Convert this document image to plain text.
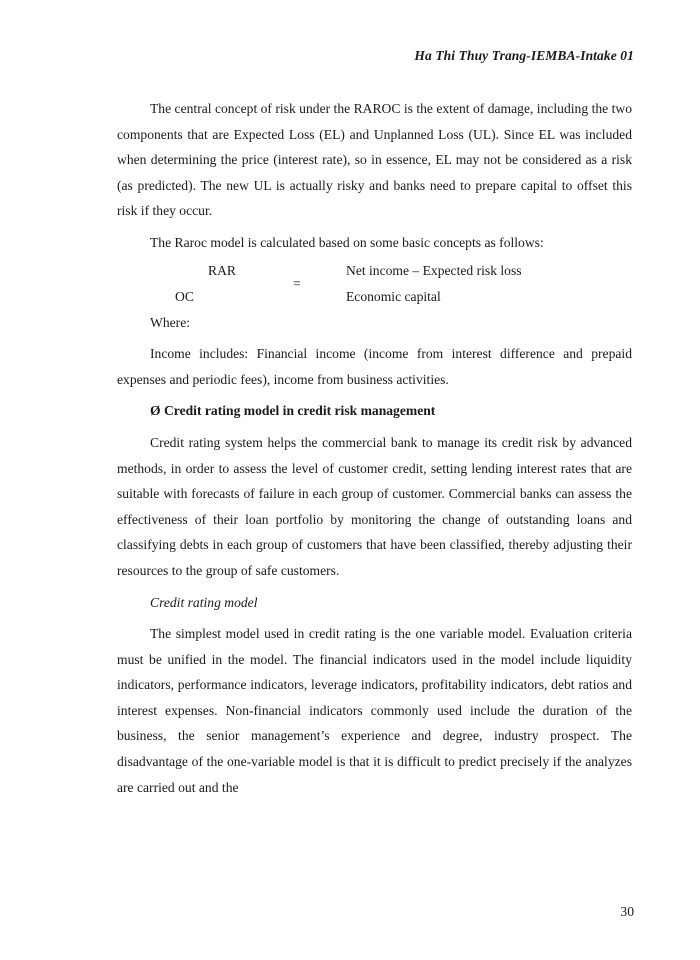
Ha Thi Thuy Trang-IEMBA-Intake 01

The central concept of risk under the RAROC is the extent of damage, including the two components that are Expected Loss (EL) and Unplanned Loss (UL). Since EL was included when determining the price (interest rate), so in essence, EL may not be considered as a risk (as predicted). The new UL is actually risky and banks need to prepare capital to offset this risk if they occur.

The Raroc model is calculated based on some basic concepts as follows:

RAR
OC
=
Net income – Expected risk loss
Economic capital

Where:

Income includes: Financial income (income from interest difference and prepaid expenses and periodic fees), income from business activities.

Ø Credit rating model in credit risk management

Credit rating system helps the commercial bank to manage its credit risk by advanced methods, in order to assess the level of customer credit, setting lending interest rates that are suitable with forecasts of failure in each group of customer. Commercial banks can assess the effectiveness of their loan portfolio by monitoring the change of outstanding loans and classifying debts in each group of customers that have been classified, thereby adjusting their resources to the group of safe customers.

Credit rating model

The simplest model used in credit rating is the one variable model. Evaluation criteria must be unified in the model. The financial indicators used in the model include liquidity indicators, performance indicators, leverage indicators, profitability indicators, debt ratios and interest expenses. Non-financial indicators commonly used include the duration of the business, the senior management’s experience and degree, industry prospect. The disadvantage of the one-variable model is that it is difficult to predict precisely if the analyzes are carried out and the

30
